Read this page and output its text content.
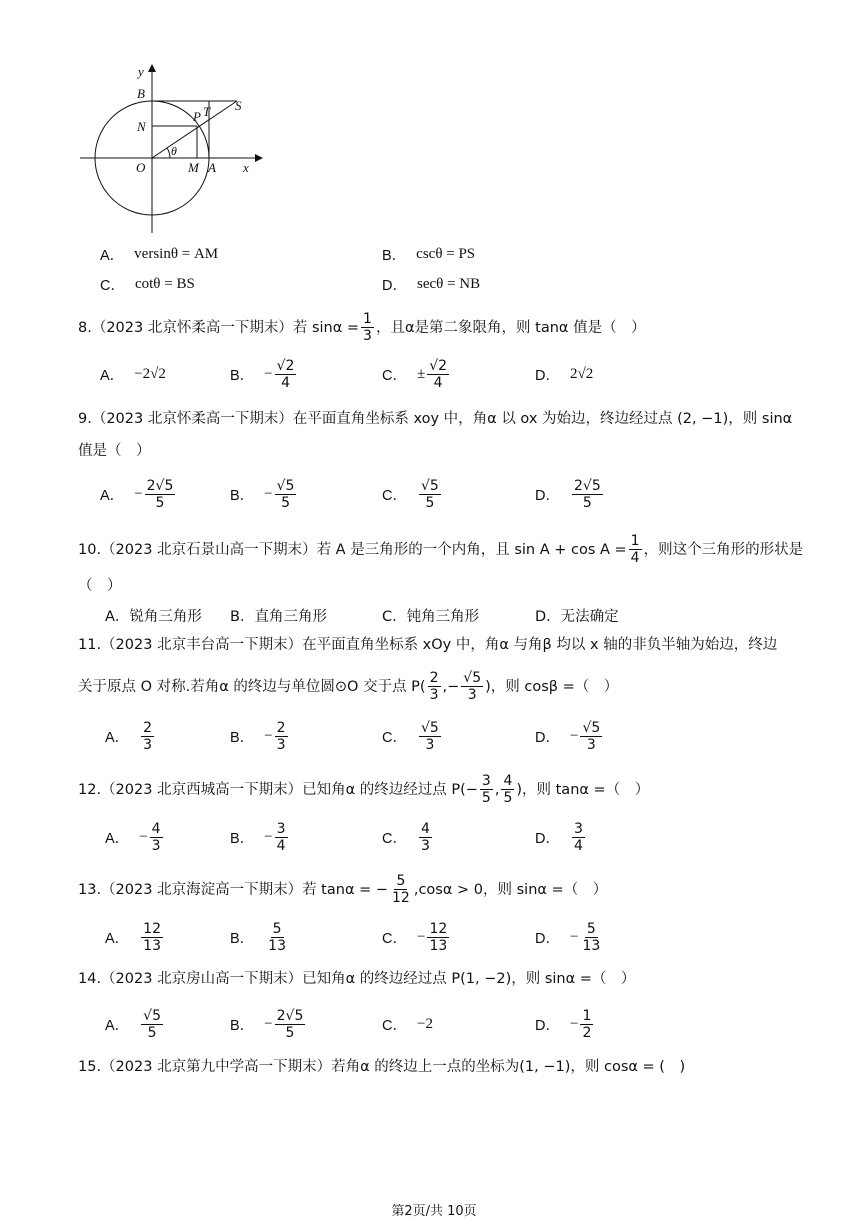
y
B
N
O	M A x
P T S
θ
A． versinθ = AM	B． cscθ = PS
C． cotθ = BS	D． secθ = NB
8.（2023 北京怀柔高一下期末）若 $\sin\alpha = \frac{1}{3}$ ，且α是第二象限角，则 tanα 值是（　）
A． −2√2	B． − $\frac{√2}{4}$	C． ± $\frac{√2}{4}$	D． 2√2
9.（2023 北京怀柔高一下期末）在平面直角坐标系 xoy 中，角α 以 ox 为始边，终边经过点 (2, −1)，则 sinα
值是（　）
A． − $\frac{2√5}{5}$	B． − $\frac{√5}{5}$	C． $\frac{√5}{5}$	D． $\frac{2√5}{5}$
10.（2023 北京石景山高一下期末）若 A 是三角形的一个内角，且 $\sin A + \cos A = \frac{1}{4}$ ，则这个三角形的形状是
（　）
A．锐角三角形 B．直角三角形	C．钝角三角形	D．无法确定
11.（2023 北京丰台高一下期末）在平面直角坐标系 xOy 中，角α 与角β 均以 x 轴的非负半轴为始边，终边
关于原点 O 对称.若角α 的终边与单位圆⊙O 交于点 $P( \frac{2}{3}$ ,− $\frac{√5}{3}$ )，则 cosβ =（　）
A． $\frac{2}{3}$	B． − $\frac{2}{3}$	C． $\frac{√5}{3}$	D． − $\frac{√5}{3}$
12.（2023 北京西城高一下期末）已知角α 的终边经过点 $P(- \frac{3}{5}$ , $\frac{4}{5}$ )，则 tanα =（　）
A． − $\frac{4}{3}$	B． − $\frac{3}{4}$	C． $\frac{4}{3}$	D． $\frac{3}{4}$
13.（2023 北京海淀高一下期末）若 tanα = − $\frac{5}{12} ,\cos\alpha > 0$，则 sinα =（　）
A． $\frac{12}{13}$	B． $\frac{5}{13}$	C． − $\frac{12}{13}$	D． − $\frac{5}{13}$
14.（2023 北京房山高一下期末）已知角α 的终边经过点 P(1, −2)，则 sinα =（　）
A． $\frac{√5}{5}$	B． − $\frac{2√5}{5}$	C． −2	D． − $\frac{1}{2}$
15.（2023 北京第九中学高一下期末）若角α 的终边上一点的坐标为(1, −1)，则 cosα = (　)
第2页/共 10页
